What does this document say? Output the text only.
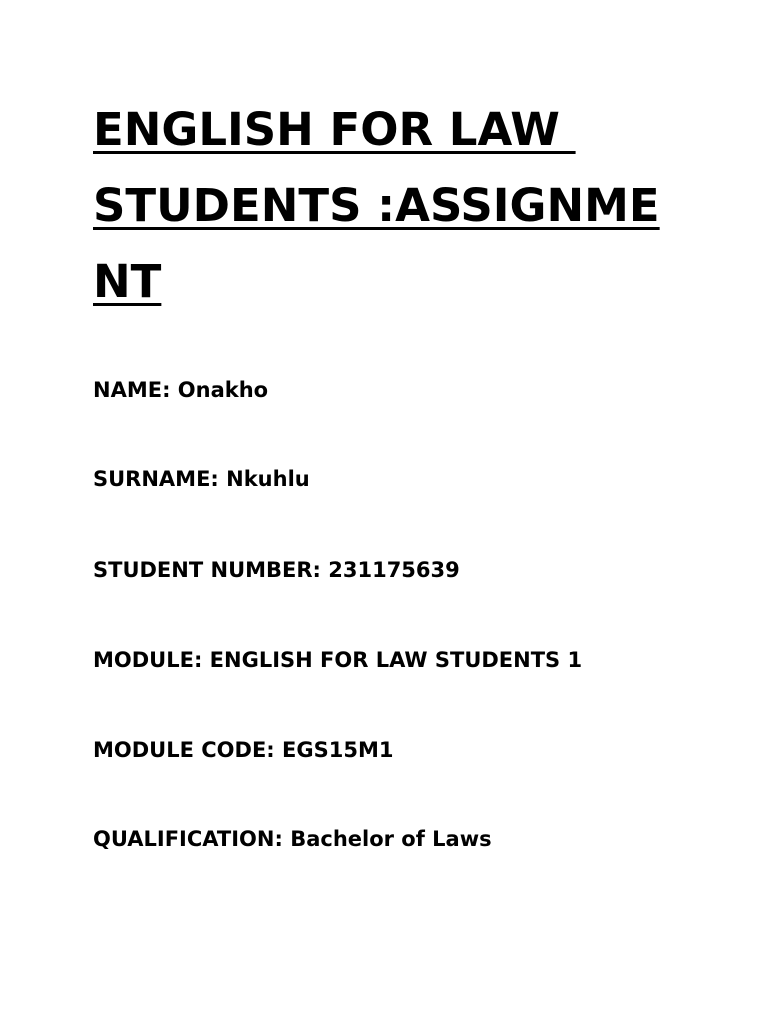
ENGLISH FOR LAW
STUDENTS :ASSIGNME
NT

NAME: Onakho

SURNAME: Nkuhlu

STUDENT NUMBER: 231175639

MODULE: ENGLISH FOR LAW STUDENTS 1

MODULE CODE: EGS15M1

QUALIFICATION: Bachelor of Laws
